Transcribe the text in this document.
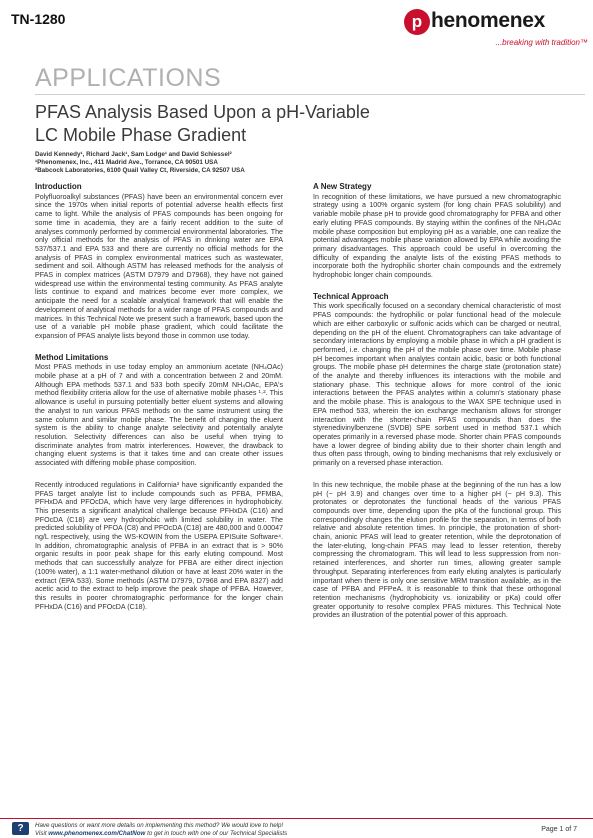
TN-1280	p henomenex
...breaking with tradition™
APPLICATIONS
PFAS Analysis Based Upon a pH-Variable
LC Mobile Phase Gradient
David Kennedy¹, Richard Jack¹, Sam Lodge¹ and David Schiessel²
¹Phenomenex, Inc., 411 Madrid Ave., Torrance, CA 90501 USA
²Babcock Laboratories, 6100 Quail Valley Ct, Riverside, CA 92507 USA
Introduction

Polyfluoroalkyl substances (PFAS) have been an environmental concern ever since the 1970s when initial reports of potential adverse health effects first came to light. While the analysis of PFAS compounds has been ongoing for some time in academia, they are a fairly recent addition to the suite of analyses commonly performed by commercial environmental laboratories. The only official methods for the analysis of PFAS in drinking water are EPA 537/537.1 and EPA 533 and there are currently no official methods for the analysis of PFAS in complex environmental matrices such as wastewater, sediment and soil. Although ASTM has released methods for the analysis of PFAS in complex matrices (ASTM D7979 and D7968), they have not gained widespread use within the environmental testing community. As PFAS analyte lists continue to expand and matrices become ever more complex, we anticipate the need for a scalable analytical framework that will enable the development of analytical methods for a wider range of PFAS compounds and matrices. In this Technical Note we present such a framework, based upon the use of a variable pH mobile phase gradient, which could facilitate the expansion of PFAS analyte lists beyond those in common use today.

Method Limitations

Most PFAS methods in use today employ an ammonium acetate (NH₄OAc) mobile phase at a pH of 7 and with a concentration between 2 and 20mM. Although EPA methods 537.1 and 533 both specify 20mM NH₄OAc, EPA's method flexibility criteria allow for the use of alternative mobile phases ¹·². This allowance is useful in pursuing potentially better eluent systems and allowing the analyst to run various PFAS methods on the same instrument using the same column and similar mobile phase. The benefit of changing the eluent system is the ability to change analyte selectivity and potentially analyte resolution. Selectivity differences can also be useful when trying to discriminate analytes from matrix interferences. However, the drawback to changing eluent systems is that it takes time and can create other issues associated with differing mobile phase composition.

Recently introduced regulations in California³ have significantly expanded the PFAS target analyte list to include compounds such as PFBA, PFMBA, PFHxDA and PFOcDA, which have very large differences in hydrophobicity. This presents a significant analytical challenge because PFHxDA (C16) and PFOcDA (C18) are very hydrophobic with limited solubility in water. The predicted solubility of PFOA (C8) and PFOcDA (C18) are 480,000 and 0.00047 ng/L respectively, using the WS-KOWIN from the USEPA EPISuite Software⁴. In addition, chromatographic analysis of PFBA in an extract that is > 90% organic results in poor peak shape for this early eluting compound. Most methods that can successfully analyze for PFBA are either direct injection (100% water), a 1:1 water-methanol dilution or have at least 20% water in the extract (EPA 533). Some methods (ASTM D7979, D7968 and EPA 8327) add acetic acid to the extract to help improve the peak shape of PFBA. However, this results in poorer chromatographic performance for the longer chain PFHxDA (C16) and PFOcDA (C18).

A New Strategy

In recognition of these limitations, we have pursued a new chromatographic strategy using a 100% organic system (for long chain PFAS solubility) and variable mobile phase pH to provide good chromatography for PFBA and other early eluting PFAS compounds. By staying within the confines of the NH₄OAc mobile phase composition but employing pH as a variable, one can realize the potential advantages mobile phase variation allowed by EPA while avoiding the primary disadvantages. This approach could be useful in overcoming the difficulty of expanding the analyte lists of the existing PFAS methods to incorporate both the hydrophilic shorter chain compounds and the extremely hydrophobic longer chain compounds.

Technical Approach

This work specifically focused on a secondary chemical characteristic of most PFAS compounds: the hydrophilic or polar functional head of the molecule which are either carboxylic or sulfonic acids which can be charged or neutral, depending on the pH of the eluent. Chromatographers can take advantage of secondary interactions by employing a mobile phase in which a pH gradient is performed, i.e. changing the pH of the mobile phase over time. Mobile phase pH becomes important when analytes contain acidic, basic or both functional groups. The mobile phase pH determines the charge state (protonation state) of the analyte and thereby influences its interactions with the mobile and stationary phase. This technique allows for more control of the ionic interactions between the PFAS analytes within a column's stationary phase and the mobile phase. This is analogous to the WAX SPE technique used in EPA method 533, wherein the ion exchange mechanism allows for stronger interaction with the shorter-chain PFAS compounds than does the styrenedivinylbenzene (SVDB) SPE sorbent used in method 537.1 which operates primarily in a reversed phase mode. Shorter chain PFAS compounds have a lower degree of binding ability due to their shorter chain length and thus often pass through, owing to binding mechanisms that rely exclusively or primarily on a reversed phase interaction.

In this new technique, the mobile phase at the beginning of the run has a low pH (~ pH 3.9) and changes over time to a higher pH (~ pH 9.3). This protonates or deprotonates the functional heads of the various PFAS compounds over time, depending upon the pKa of the functional group. This correspondingly changes the elution profile for the separation, in terms of both relative and absolute retention times. In principle, the protonation of short-chain, anionic PFAS will lead to greater retention, while the deprotonation of the later-eluting, long-chain PFAS may lead to lesser retention, thereby compressing the chromatogram. This will lead to less suppression from non-retained interferences, and shorter run times, allowing greater sample throughput. Separating interferences from early eluting analytes is particularly important when there is only one sensitive MRM transition available, as in the case of PFBA and PFPeA. It is reasonable to think that these orthogonal retention mechanisms (hydrophobicity vs. ionizability or pKa) could offer greater opportunity to resolve complex PFAS mixtures. This Technical Note provides an illustration of the potential power of this approach.

?	Have questions or want more details on implementing this method? We would love to help!
Visit www.phenomenex.com/ChatNow to get in touch with one of our Technical Specialists	Page 1 of 7
